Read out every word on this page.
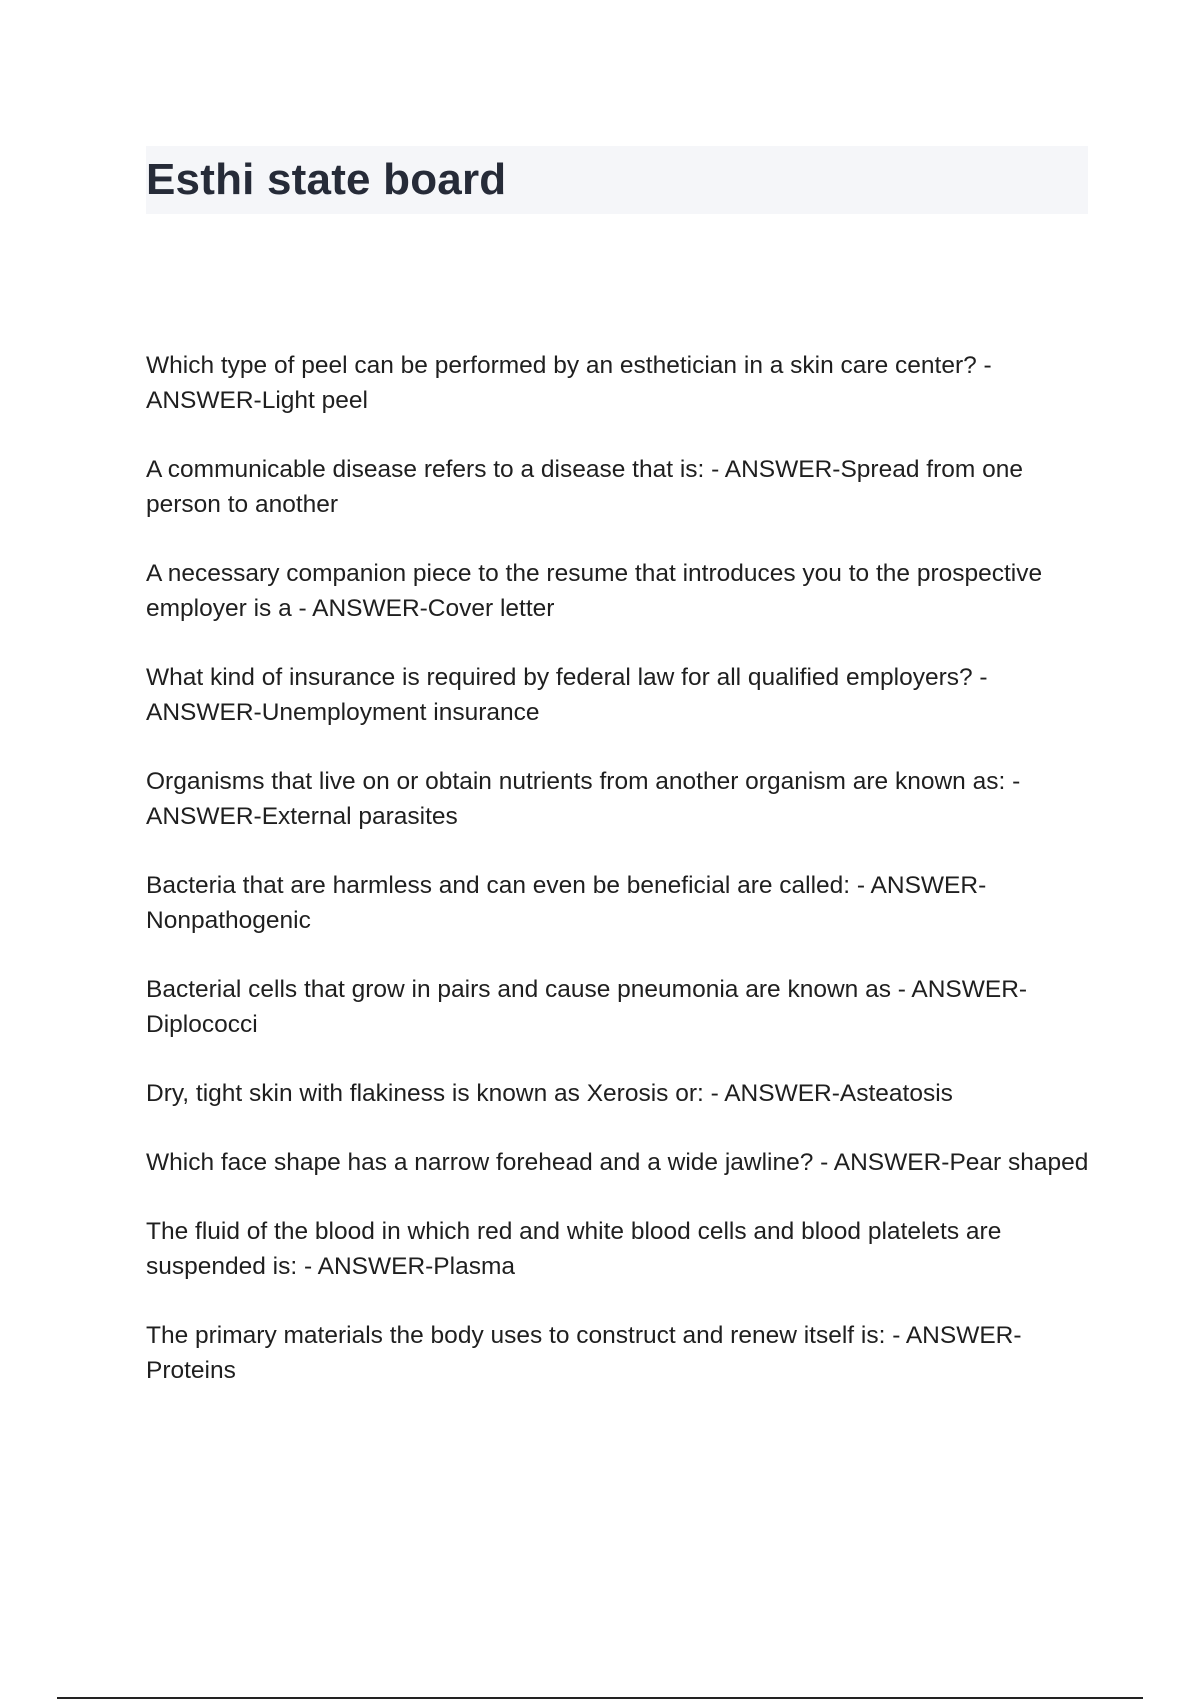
Esthi state board
Which type of peel can be performed by an esthetician in a skin care center? - ANSWER-Light peel
A communicable disease refers to a disease that is: - ANSWER-Spread from one person to another
A necessary companion piece to the resume that introduces you to the prospective employer is a - ANSWER-Cover letter
What kind of insurance is required by federal law for all qualified employers? - ANSWER-Unemployment insurance
Organisms that live on or obtain nutrients from another organism are known as: - ANSWER-External parasites
Bacteria that are harmless and can even be beneficial are called: - ANSWER-Nonpathogenic
Bacterial cells that grow in pairs and cause pneumonia are known as - ANSWER-Diplococci
Dry, tight skin with flakiness is known as Xerosis or: - ANSWER-Asteatosis
Which face shape has a narrow forehead and a wide jawline? - ANSWER-Pear shaped
The fluid of the blood in which red and white blood cells and blood platelets are suspended is: - ANSWER-Plasma
The primary materials the body uses to construct and renew itself is: - ANSWER-Proteins
